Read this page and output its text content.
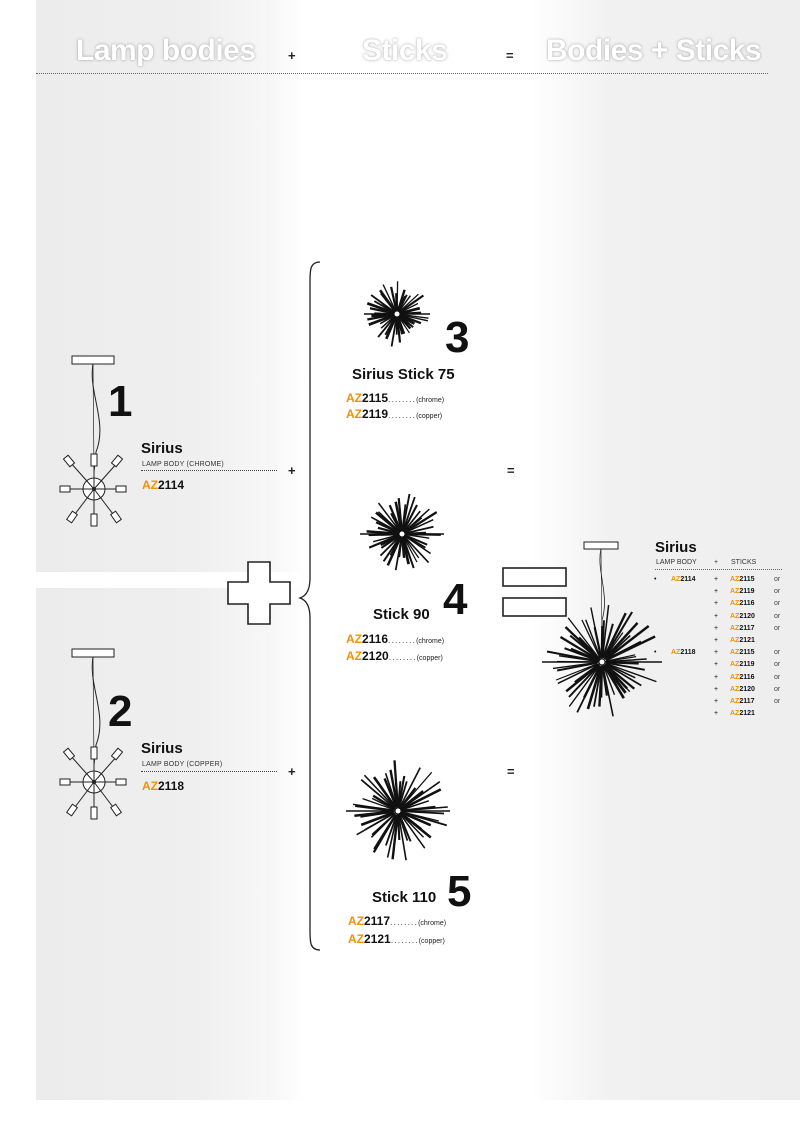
Lamp bodies + Sticks	= Bodies + Sticks
1
Sirius
LAMP BODY (CHROME)
AZ2114
+
2
Sirius
LAMP BODY (COPPER)
AZ2118
+
3
Sirius Stick 75
AZ2115........(chrome)
AZ2119........(copper)
=
4
Stick 90
AZ2116........(chrome)
AZ2120........(copper)
=
5
Stick 110
AZ2117........(chrome)
AZ2121........(copper)
Sirius
LAMP BODY + STICKS
• AZ2114	+ AZ2115	or
+ AZ2119	or
+ AZ2116	or
+ AZ2120	or
+ AZ2117	or
+ AZ2121
• AZ2118	+ AZ2115	or
+ AZ2119	or
+ AZ2116	or
+ AZ2120	or
+ AZ2117	or
+ AZ2121
